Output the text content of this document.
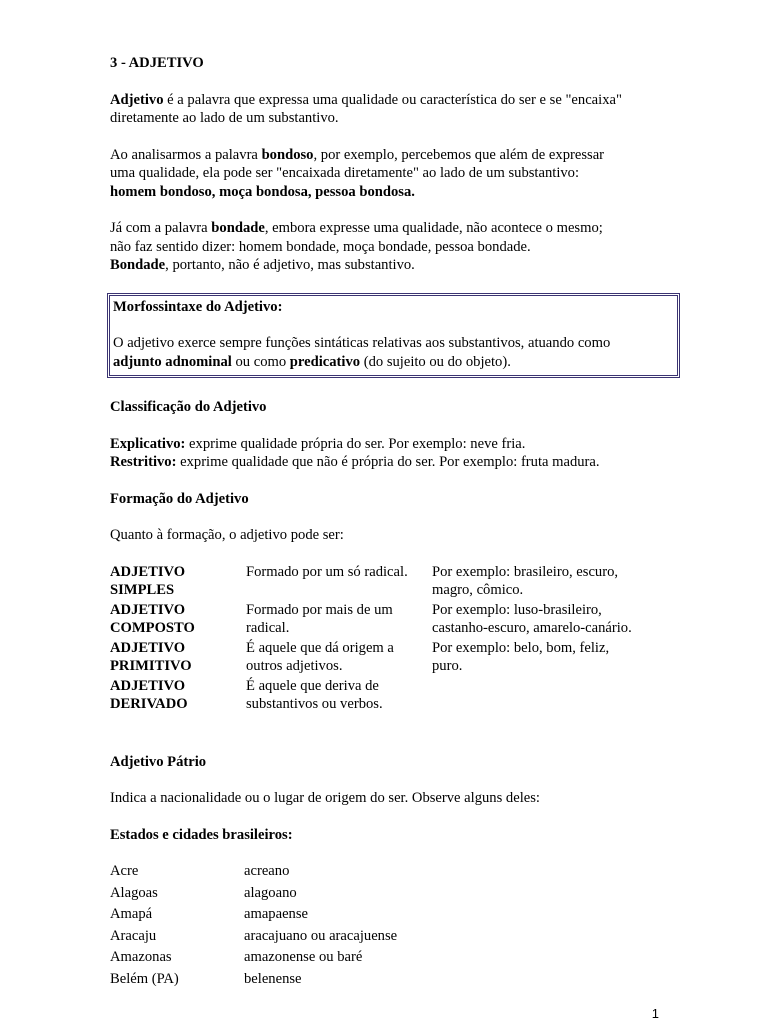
3 - ADJETIVO

Adjetivo é a palavra que expressa uma qualidade ou característica do ser e se "encaixa"
diretamente ao lado de um substantivo.

Ao analisarmos a palavra bondoso, por exemplo, percebemos que além de expressar
uma qualidade, ela pode ser "encaixada diretamente" ao lado de um substantivo:
homem bondoso, moça bondosa, pessoa bondosa.

Já com a palavra bondade, embora expresse uma qualidade, não acontece o mesmo;
não faz sentido dizer: homem bondade, moça bondade, pessoa bondade.
Bondade, portanto, não é adjetivo, mas substantivo.

Morfossintaxe do Adjetivo:

O adjetivo exerce sempre funções sintáticas relativas aos substantivos, atuando como
adjunto adnominal ou como predicativo (do sujeito ou do objeto).

Classificação do Adjetivo

Explicativo: exprime qualidade própria do ser. Por exemplo: neve fria.
Restritivo: exprime qualidade que não é própria do ser. Por exemplo: fruta madura.

Formação do Adjetivo

Quanto à formação, o adjetivo pode ser:

ADJETIVO
SIMPLES	Formado por um só radical.	Por exemplo: brasileiro, escuro,
magro, cômico.
ADJETIVO
COMPOSTO	Formado por mais de um
radical.	Por exemplo: luso-brasileiro,
castanho-escuro, amarelo-canário.
ADJETIVO
PRIMITIVO	É aquele que dá origem a
outros adjetivos.	Por exemplo: belo, bom, feliz,
puro.
ADJETIVO
DERIVADO	É aquele que deriva de
substantivos ou verbos.	

Adjetivo Pátrio

Indica a nacionalidade ou o lugar de origem do ser. Observe alguns deles:

Estados e cidades brasileiros:

Acre	acreano
Alagoas	alagoano
Amapá	amapaense
Aracaju	aracajuano ou aracajuense
Amazonas	amazonense ou baré
Belém (PA)	belenense
1
